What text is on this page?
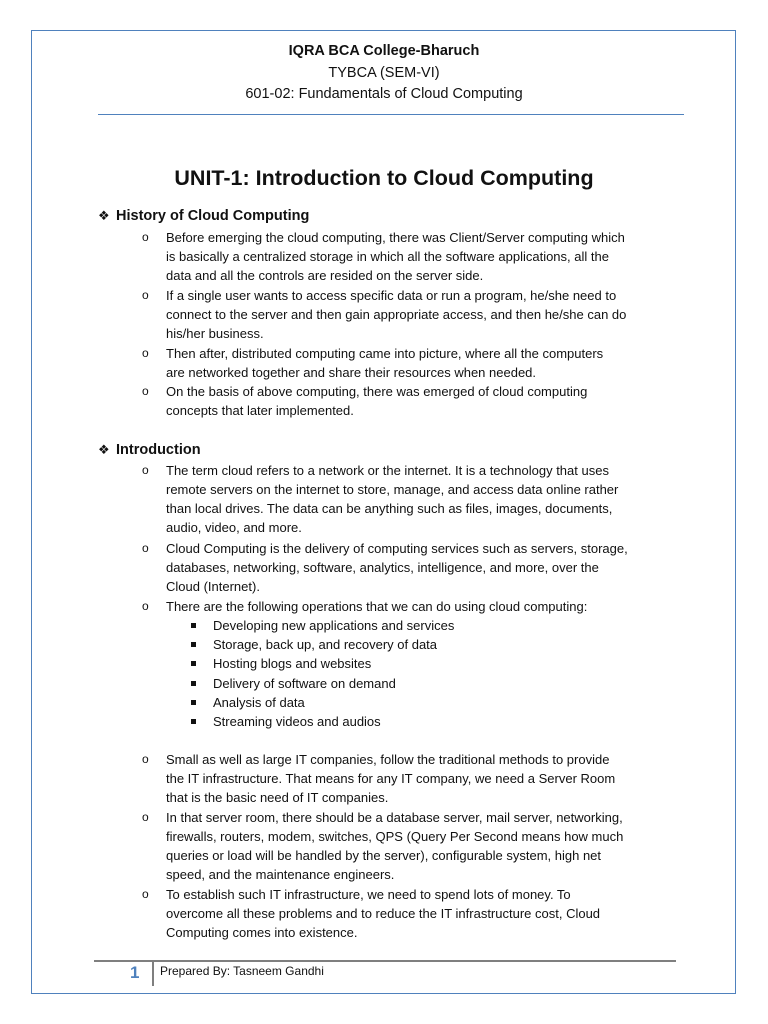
IQRA BCA College-Bharuch
TYBCA (SEM-VI)
601-02: Fundamentals of Cloud Computing
UNIT-1: Introduction to Cloud Computing
❖ History of Cloud Computing
o Before emerging the cloud computing, there was Client/Server computing which
is basically a centralized storage in which all the software applications, all the
data and all the controls are resided on the server side.
o If a single user wants to access specific data or run a program, he/she need to
connect to the server and then gain appropriate access, and then he/she can do
his/her business.
o Then after, distributed computing came into picture, where all the computers
are networked together and share their resources when needed.
o On the basis of above computing, there was emerged of cloud computing
concepts that later implemented.
❖ Introduction
o The term cloud refers to a network or the internet. It is a technology that uses
remote servers on the internet to store, manage, and access data online rather
than local drives. The data can be anything such as files, images, documents,
audio, video, and more.
o Cloud Computing is the delivery of computing services such as servers, storage,
databases, networking, software, analytics, intelligence, and more, over the
Cloud (Internet).
o There are the following operations that we can do using cloud computing:
Developing new applications and services
Storage, back up, and recovery of data
Hosting blogs and websites
Delivery of software on demand
Analysis of data
Streaming videos and audios
o Small as well as large IT companies, follow the traditional methods to provide
the IT infrastructure. That means for any IT company, we need a Server Room
that is the basic need of IT companies.
o In that server room, there should be a database server, mail server, networking,
firewalls, routers, modem, switches, QPS (Query Per Second means how much
queries or load will be handled by the server), configurable system, high net
speed, and the maintenance engineers.
o To establish such IT infrastructure, we need to spend lots of money. To
overcome all these problems and to reduce the IT infrastructure cost, Cloud
Computing comes into existence.
1 Prepared By: Tasneem Gandhi
